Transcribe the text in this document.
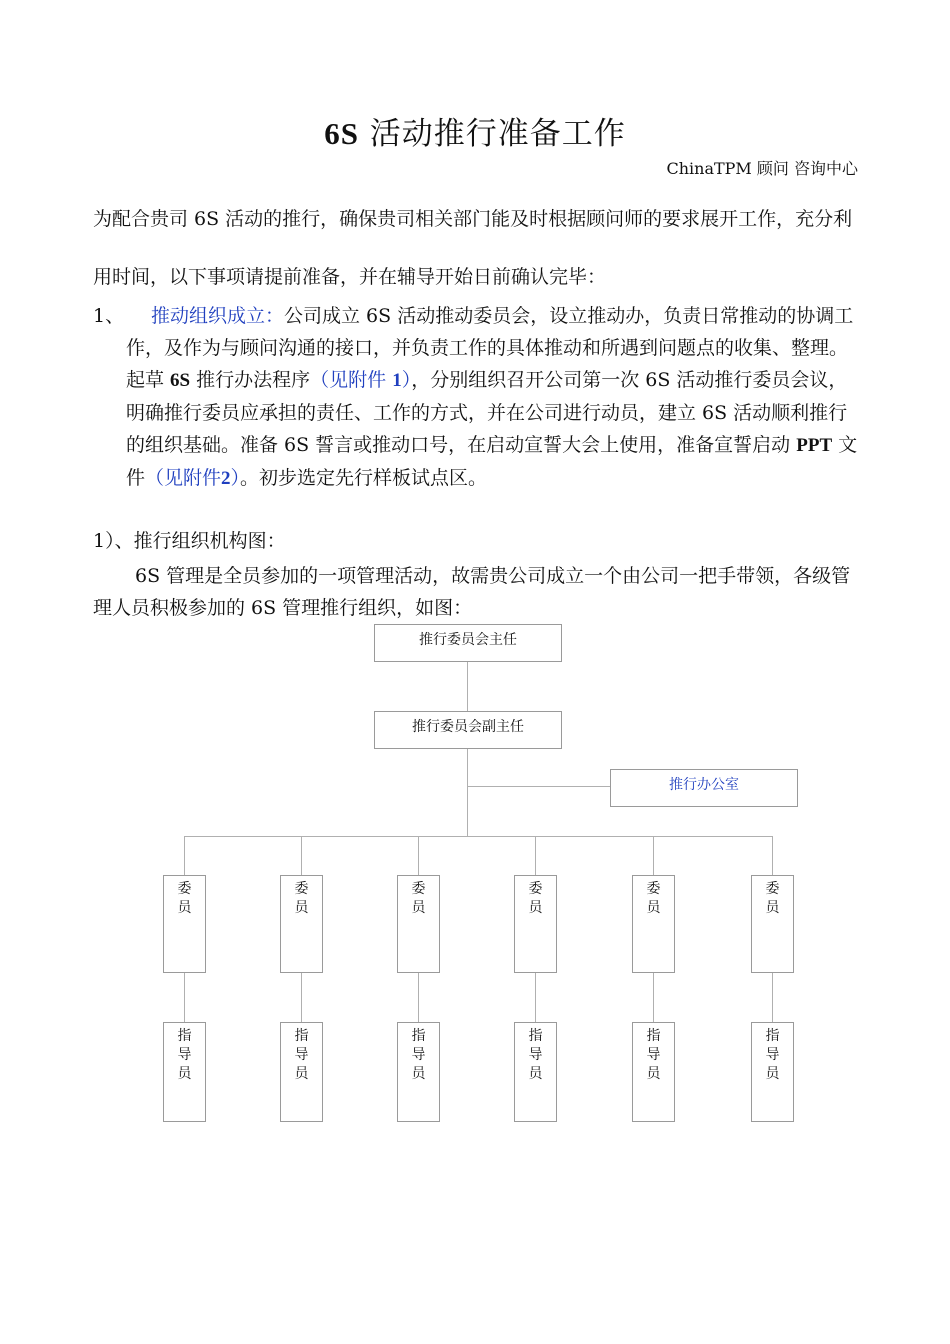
6S 活动推行准备工作
ChinaTPM 顾问 咨询中心
为配合贵司 6S 活动的推行，确保贵司相关部门能及时根据顾问师的要求展开工作，充分利用时间，以下事项请提前准备，并在辅导开始日前确认完毕：
1、	推动组织成立：公司成立 6S 活动推动委员会，设立推动办，负责日常推动的协调工作，及作为与顾问沟通的接口，并负责工作的具体推动和所遇到问题点的收集、整理。起草 6S 推行办法程序（见附件 1），分别组织召开公司第一次 6S 活动推行委员会议，明确推行委员应承担的责任、工作的方式，并在公司进行动员，建立 6S 活动顺利推行的组织基础。准备 6S 誓言或推动口号，在启动宣誓大会上使用，准备宣誓启动 PPT 文件（见附件2）。初步选定先行样板试点区。
1）、推行组织机构图：
6S 管理是全员参加的一项管理活动，故需贵公司成立一个由公司一把手带领，各级管理人员积极参加的 6S 管理推行组织，如图：
推行委员会主任
推行委员会副主任
推行办公室
委员
指导员
委员
指导员
委员
指导员
委员
指导员
委员
指导员
委员
指导员
